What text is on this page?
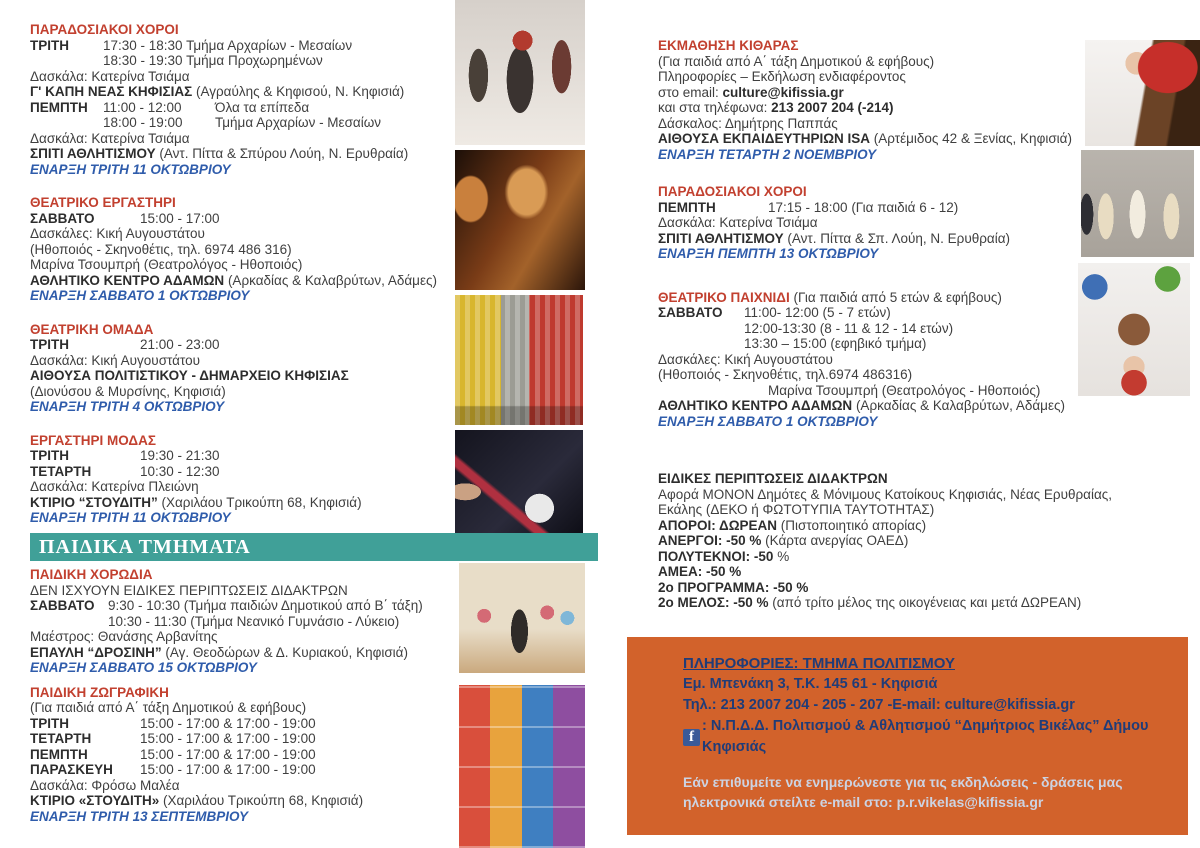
ΠΑΡΑΔΟΣΙΑΚΟΙ ΧΟΡΟΙ
ΤΡΙΤΗ	17:30 - 18:30 Τμήμα Αρχαρίων - Μεσαίων
18:30 - 19:30 Τμήμα Προχωρημένων
Δασκάλα: Κατερίνα Τσιάμα
Γ' ΚΑΠΗ ΝΕΑΣ ΚΗΦΙΣΙΑΣ (Αγραύλης & Κηφισού, Ν. Κηφισιά)
ΠΕΜΠΤΗ 11:00 - 12:00 Όλα τα επίπεδα
18:00 - 19:00 Τμήμα Αρχαρίων - Μεσαίων
Δασκάλα: Κατερίνα Τσιάμα
ΣΠΙΤΙ ΑΘΛΗΤΙΣΜΟΥ (Αντ. Πίττα & Σπύρου Λούη, Ν. Ερυθραία)
ΕΝΑΡΞΗ ΤΡΙΤΗ 11 ΟΚΤΩΒΡΙΟΥ
ΘΕΑΤΡΙΚΟ ΕΡΓΑΣΤΗΡΙ
ΣΑΒΒΑΤΟ	15:00 - 17:00
Δασκάλες: Κική Αυγουστάτου
(Ηθοποιός - Σκηνοθέτις, τηλ. 6974 486 316)
Μαρίνα Τσουμπρή (Θεατρολόγος - Ηθοποιός)
ΑΘΛΗΤΙΚΟ ΚΕΝΤΡΟ ΑΔΑΜΩΝ (Αρκαδίας & Καλαβρύτων, Αδάμες)
ΕΝΑΡΞΗ ΣΑΒΒΑΤΟ 1 ΟΚΤΩΒΡΙΟΥ
ΘΕΑΤΡΙΚΗ ΟΜΑΔΑ
ΤΡΙΤΗ	21:00 - 23:00
Δασκάλα: Κική Αυγουστάτου
ΑΙΘΟΥΣΑ ΠΟΛΙΤΙΣΤΙΚΟΥ - ΔΗΜΑΡΧΕΙΟ ΚΗΦΙΣΙΑΣ
(Διονύσου & Μυρσίνης, Κηφισιά)
ΕΝΑΡΞΗ ΤΡΙΤΗ 4 ΟΚΤΩΒΡΙΟΥ
ΕΡΓΑΣΤΗΡΙ ΜΟΔΑΣ
ΤΡΙΤΗ	19:30 - 21:30
ΤΕΤΑΡΤΗ	10:30 - 12:30
Δασκάλα: Κατερίνα Πλειώνη
ΚΤΙΡΙΟ “ΣΤΟΥΔΙΤΗ” (Χαριλάου Τρικούπη 68, Κηφισιά)
ΕΝΑΡΞΗ ΤΡΙΤΗ 11 ΟΚΤΩΒΡΙΟΥ
ΠΑΙΔΙΚΗ ΧΟΡΩΔΙΑ
ΔΕΝ ΙΣΧΥΟΥΝ ΕΙΔΙΚΕΣ ΠΕΡΙΠΤΩΣΕΙΣ ΔΙΔΑΚΤΡΩΝ
ΣΑΒΒΑΤΟ 9:30 - 10:30 (Τμήμα παιδιών Δημοτικού από Β΄ τάξη)
10:30 - 11:30 (Τμήμα Νεανικό Γυμνάσιο - Λύκειο)
Μαέστρος: Θανάσης Αρβανίτης
ΕΠΑΥΛΗ “ΔΡΟΣΙΝΗ” (Αγ. Θεοδώρων & Δ. Κυριακού, Κηφισιά)
ΕΝΑΡΞΗ ΣΑΒΒΑΤΟ 15 ΟΚΤΩΒΡΙΟΥ
ΠΑΙΔΙΚΗ ΖΩΓΡΑΦΙΚΗ
(Για παιδιά από Α΄ τάξη Δημοτικού & εφήβους)
ΤΡΙΤΗ	15:00 - 17:00 & 17:00 - 19:00
ΤΕΤΑΡΤΗ	15:00 - 17:00 & 17:00 - 19:00
ΠΕΜΠΤΗ	15:00 - 17:00 & 17:00 - 19:00
ΠΑΡΑΣΚΕΥΗ 15:00 - 17:00 & 17:00 - 19:00
Δασκάλα: Φρόσω Μαλέα
ΚΤΙΡΙΟ «ΣΤΟΥΔΙΤΗ» (Χαριλάου Τρικούπη 68, Κηφισιά)
ΕΝΑΡΞΗ ΤΡΙΤΗ 13 ΣΕΠΤΕΜΒΡΙΟΥ
ΕΚΜΑΘΗΣΗ ΚΙΘΑΡΑΣ
(Για παιδιά από Α΄ τάξη Δημοτικού & εφήβους)
Πληροφορίες – Εκδήλωση ενδιαφέροντος
στο email: culture@kifissia.gr
και στα τηλέφωνα: 213 2007 204 (-214)
Δάσκαλος: Δημήτρης Παππάς
ΑΙΘΟΥΣΑ ΕΚΠΑΙΔΕΥΤΗΡΙΩΝ ISA (Αρτέμιδος 42 & Ξενίας, Κηφισιά)
ΕΝΑΡΞΗ ΤΕΤΑΡΤΗ 2 ΝΟΕΜΒΡΙΟΥ
ΠΑΡΑΔΟΣΙΑΚΟΙ ΧΟΡΟΙ
ΠΕΜΠΤΗ	17:15 - 18:00 (Για παιδιά 6 - 12)
Δασκάλα: Κατερίνα Τσιάμα
ΣΠΙΤΙ ΑΘΛΗΤΙΣΜΟΥ (Αντ. Πίττα & Σπ. Λούη, Ν. Ερυθραία)
ΕΝΑΡΞΗ ΠΕΜΠΤΗ 13 ΟΚΤΩΒΡΙΟΥ
ΘΕΑΤΡΙΚΟ ΠΑΙΧΝΙΔΙ (Για παιδιά από 5 ετών & εφήβους)
ΣΑΒΒΑΤΟ 11:00- 12:00 (5 - 7 ετών)
12:00-13:30 (8 - 11 & 12 - 14 ετών)
13:30 – 15:00 (εφηβικό τμήμα)
Δασκάλες: Κική Αυγουστάτου
(Ηθοποιός - Σκηνοθέτις, τηλ.6974 486316)
Μαρίνα Τσουμπρή (Θεατρολόγος - Ηθοποιός)
ΑΘΛΗΤΙΚΟ ΚΕΝΤΡΟ ΑΔΑΜΩΝ (Αρκαδίας & Καλαβρύτων, Αδάμες)
ΕΝΑΡΞΗ ΣΑΒΒΑΤΟ 1 ΟΚΤΩΒΡΙΟΥ
ΕΙΔΙΚΕΣ ΠΕΡΙΠΤΩΣΕΙΣ ΔΙΔΑΚΤΡΩΝ
Αφορά ΜΟΝΟΝ Δημότες & Μόνιμους Κατοίκους Κηφισιάς, Νέας Ερυθραίας,
Εκάλης (ΔΕΚΟ ή ΦΩΤΟΤΥΠΙΑ ΤΑΥΤΟΤΗΤΑΣ)
ΑΠΟΡΟΙ: ΔΩΡΕΑΝ (Πιστοποιητικό απορίας)
ΑΝΕΡΓΟΙ: -50 % (Κάρτα ανεργίας ΟΑΕΔ)
ΠΟΛΥΤΕΚΝΟΙ: -50 %
ΑΜΕΑ: -50 %
2ο ΠΡΟΓΡΑΜΜΑ: -50 %
2ο ΜΕΛΟΣ: -50 % (από τρίτο μέλος της οικογένειας και μετά ΔΩΡΕΑΝ)
ΠΑΙΔΙΚΑ ΤΜΗΜΑΤΑ
ΠΛΗΡΟΦΟΡΙΕΣ: ΤΜΗΜΑ ΠΟΛΙΤΙΣΜΟΥ
Εμ. Μπενάκη 3, Τ.Κ. 145 61 - Κηφισιά
Τηλ.: 213 2007 204 - 205 - 207 -E-mail: culture@kifissia.gr
f
: Ν.Π.Δ.Δ. Πολιτισμού & Αθλητισμού “Δημήτριος Βικέλας” Δήμου Κηφισιάς
Εάν επιθυμείτε να ενημερώνεστε για τις εκδηλώσεις - δράσεις μας
ηλεκτρονικά στείλτε e-mail στο: p.r.vikelas@kifissia.gr
